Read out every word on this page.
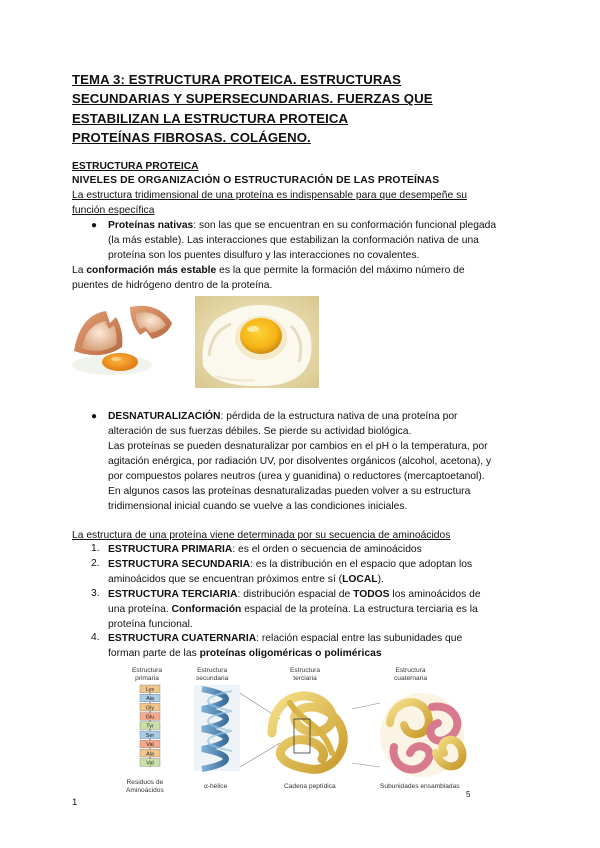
TEMA 3: ESTRUCTURA PROTEICA. ESTRUCTURAS
SECUNDARIAS Y SUPERSECUNDARIAS. FUERZAS QUE
ESTABILIZAN LA ESTRUCTURA PROTEICA
PROTEÍNAS FIBROSAS. COLÁGENO.
ESTRUCTURA PROTEICA
NIVELES DE ORGANIZACIÓN O ESTRUCTURACIÓN DE LAS PROTEÍNAS
La estructura tridimensional de una proteína es indispensable para que desempeñe su
función específica
● Proteínas nativas: son las que se encuentran en su conformación funcional plegada
(la más estable). Las interacciones que estabilizan la conformación nativa de una
proteína son los puentes disulfuro y las interacciones no covalentes.
La conformación más estable es la que permite la formación del máximo número de
puentes de hidrógeno dentro de la proteína.
● DESNATURALIZACIÓN: pérdida de la estructura nativa de una proteína por
alteración de sus fuerzas débiles. Se pierde su actividad biológica.
Las proteínas se pueden desnaturalizar por cambios en el pH o la temperatura, por
agitación enérgica, por radiación UV, por disolventes orgánicos (alcohol, acetona), y
por compuestos polares neutros (urea y guanidina) o reductores (mercaptoetanol).
En algunos casos las proteínas desnaturalizadas pueden volver a su estructura
tridimensional inicial cuando se vuelve a las condiciones iniciales.
La estructura de una proteína viene determinada por su secuencia de aminoácidos
1. ESTRUCTURA PRIMARIA: es el orden o secuencia de aminoácidos
2. ESTRUCTURA SECUNDARIA: es la distribución en el espacio que adoptan los
aminoácidos que se encuentran próximos entre sí (LOCAL).
3. ESTRUCTURA TERCIARIA: distribución espacial de TODOS los aminoácidos de
una proteína. Conformación espacial de la proteína. La estructura terciaria es la
proteína funcional.
4. ESTRUCTURA CUATERNARIA: relación espacial entre las subunidades que
forman parte de las proteínas oligoméricas o poliméricas
Lys
Ala
Gly
Glu
Tyr
Ser
Val
Ala
Val
Estructura
primaria
Estructura
secundaria
Estructura
terciaria
Estructura
cuaternaria
Residuos de
Aminoácidos
α-hélice	Cadena peptídica	Subunidades ensambladas
1
5
